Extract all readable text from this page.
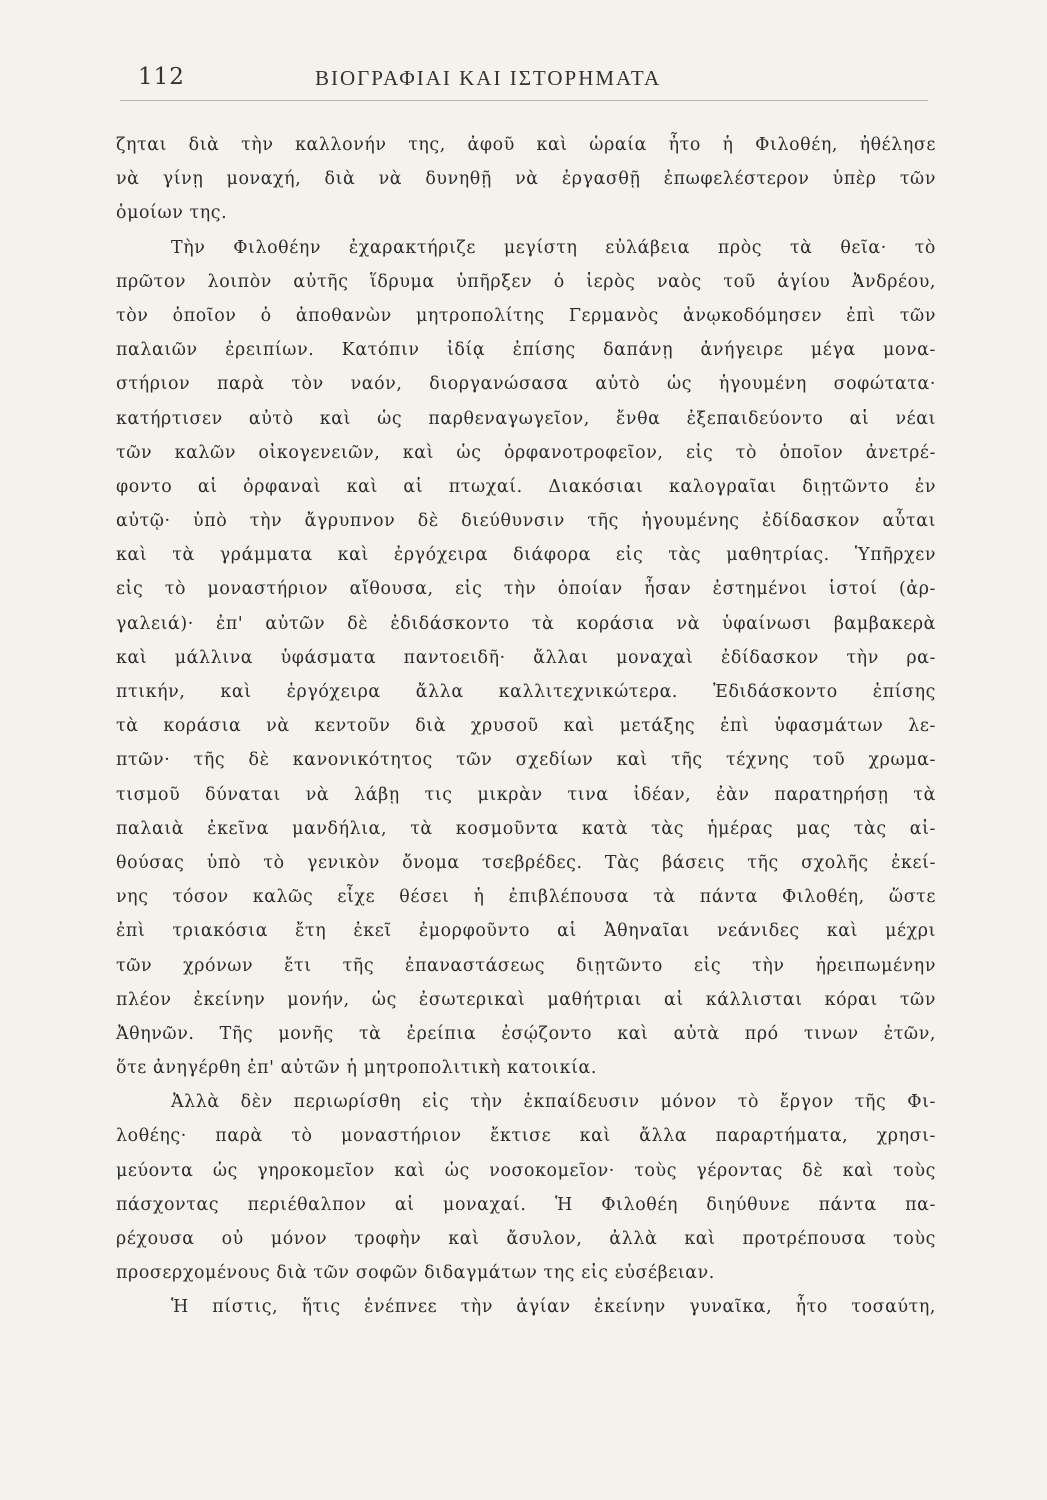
112	ΒΙΟΓΡΑΦΙΑΙ ΚΑΙ ΙΣΤΟΡΗΜΑΤΑ
ζηται διὰ τὴν καλλονήν της, ἀφοῦ καὶ ὡραία ἦτο ἡ Φιλοθέη, ἠθέλησε
νὰ γίνῃ μοναχή, διὰ νὰ δυνηθῇ νὰ ἐργασθῇ ἐπωφελέστερον ὑπὲρ τῶν
ὁμοίων της.
Τὴν Φιλοθέην ἐχαρακτήριζε μεγίστη εὐλάβεια πρὸς τὰ θεῖα· τὸ
πρῶτον λοιπὸν αὐτῆς ἵδρυμα ὑπῆρξεν ὁ ἱερὸς ναὸς τοῦ ἁγίου Ἀνδρέου,
τὸν ὁποῖον ὁ ἀποθανὼν μητροπολίτης Γερμανὸς ἀνῳκοδόμησεν ἐπὶ τῶν
παλαιῶν ἐρειπίων. Κατόπιν ἰδίᾳ ἐπίσης δαπάνῃ ἀνήγειρε μέγα μονα-
στήριον παρὰ τὸν ναόν, διοργανώσασα αὐτὸ ὡς ἡγουμένη σοφώτατα·
κατήρτισεν αὐτὸ καὶ ὡς παρθεναγωγεῖον, ἔνθα ἐξεπαιδεύοντο αἱ νέαι
τῶν καλῶν οἰκογενειῶν, καὶ ὡς ὀρφανοτροφεῖον, εἰς τὸ ὁποῖον ἀνετρέ-
φοντο αἱ ὀρφαναὶ καὶ αἱ πτωχαί. Διακόσιαι καλογραῖαι διῃτῶντο ἐν
αὐτῷ· ὑπὸ τὴν ἄγρυπνον δὲ διεύθυνσιν τῆς ἡγουμένης ἐδίδασκον αὗται
καὶ τὰ γράμματα καὶ ἐργόχειρα διάφορα εἰς τὰς μαθητρίας. Ὑπῆρχεν
εἰς τὸ μοναστήριον αἴθουσα, εἰς τὴν ὁποίαν ἦσαν ἐστημένοι ἱστοί (ἀρ-
γαλειά)· ἐπ' αὐτῶν δὲ ἐδιδάσκοντο τὰ κοράσια νὰ ὑφαίνωσι βαμβακερὰ
καὶ μάλλινα ὑφάσματα παντοειδῆ· ἄλλαι μοναχαὶ ἐδίδασκον τὴν ρα-
πτικήν, καὶ ἐργόχειρα ἄλλα καλλιτεχνικώτερα. Ἐδιδάσκοντο ἐπίσης
τὰ κοράσια νὰ κεντοῦν διὰ χρυσοῦ καὶ μετάξης ἐπὶ ὑφασμάτων λε-
πτῶν· τῆς δὲ κανονικότητος τῶν σχεδίων καὶ τῆς τέχνης τοῦ χρωμα-
τισμοῦ δύναται νὰ λάβῃ τις μικρὰν τινα ἰδέαν, ἐὰν παρατηρήσῃ τὰ
παλαιὰ ἐκεῖνα μανδήλια, τὰ κοσμοῦντα κατὰ τὰς ἡμέρας μας τὰς αἰ-
θούσας ὑπὸ τὸ γενικὸν ὄνομα τσεβρέδες. Τὰς βάσεις τῆς σχολῆς ἐκεί-
νης τόσον καλῶς εἶχε θέσει ἡ ἐπιβλέπουσα τὰ πάντα Φιλοθέη, ὥστε
ἐπὶ τριακόσια ἔτη ἐκεῖ ἐμορφοῦντο αἱ Ἀθηναῖαι νεάνιδες καὶ μέχρι
τῶν χρόνων ἔτι τῆς ἐπαναστάσεως διῃτῶντο εἰς τὴν ἠρειπωμένην
πλέον ἐκείνην μονήν, ὡς ἐσωτερικαὶ μαθήτριαι αἱ κάλλισται κόραι τῶν
Ἀθηνῶν. Τῆς μονῆς τὰ ἐρείπια ἐσῴζοντο καὶ αὐτὰ πρό τινων ἐτῶν,
ὅτε ἀνηγέρθη ἐπ' αὐτῶν ἡ μητροπολιτικὴ κατοικία.
Ἀλλὰ δὲν περιωρίσθη εἰς τὴν ἐκπαίδευσιν μόνον τὸ ἔργον τῆς Φι-
λοθέης· παρὰ τὸ μοναστήριον ἔκτισε καὶ ἄλλα παραρτήματα, χρησι-
μεύοντα ὡς γηροκομεῖον καὶ ὡς νοσοκομεῖον· τοὺς γέροντας δὲ καὶ τοὺς
πάσχοντας περιέθαλπον αἱ μοναχαί. Ἡ Φιλοθέη διηύθυνε πάντα πα-
ρέχουσα οὐ μόνον τροφὴν καὶ ἄσυλον, ἀλλὰ καὶ προτρέπουσα τοὺς
προσερχομένους διὰ τῶν σοφῶν διδαγμάτων της εἰς εὐσέβειαν.
Ἡ πίστις, ἥτις ἐνέπνεε τὴν ἁγίαν ἐκείνην γυναῖκα, ἦτο τοσαύτη,
